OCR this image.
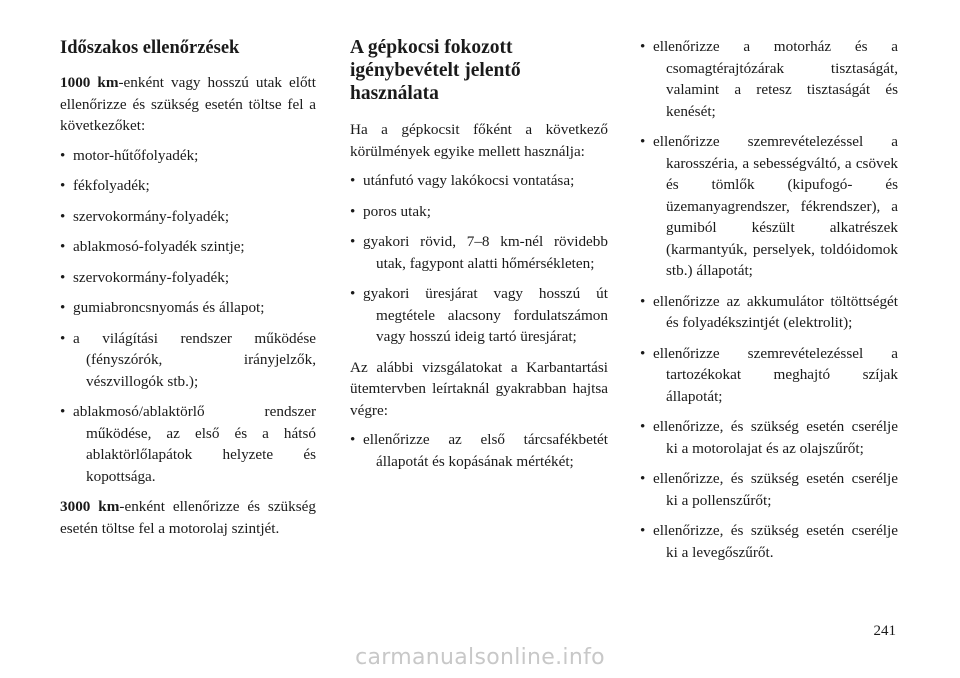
Időszakos ellenőrzések

1000 km-enként vagy hosszú utak előtt ellenőrizze és szükség esetén töltse fel a következőket:

• motor-hűtőfolyadék;
• fékfolyadék;
• szervokormány-folyadék;
• ablakmosó-folyadék szintje;
• szervokormány-folyadék;
• gumiabroncsnyomás és állapot;
• a világítási rendszer működése (fényszórók, irányjelzők, vészvillogók stb.);
• ablakmosó/ablaktörlő rendszer működése, az első és a hátsó ablaktörlőlapátok helyzete és kopottsága.

3000 km-enként ellenőrizze és szükség esetén töltse fel a motorolaj szintjét.

A gépkocsi fokozott igénybevételt jelentő használata

Ha a gépkocsit főként a következő körülmények egyike mellett használja:

• utánfutó vagy lakókocsi vontatása;
• poros utak;
• gyakori rövid, 7–8 km-nél rövidebb utak, fagypont alatti hőmérsékleten;
• gyakori üresjárat vagy hosszú út megtétele alacsony fordulatszámon vagy hosszú ideig tartó üresjárat;

Az alábbi vizsgálatokat a Karbantartási ütemtervben leírtaknál gyakrabban hajtsa végre:

• ellenőrizze az első tárcsafékbetét állapotát és kopásának mértékét;
• ellenőrizze a motorház és a csomagtérajtózárak tisztaságát, valamint a retesz tisztaságát és kenését;
• ellenőrizze szemrevételezéssel a karosszéria, a sebességváltó, a csövek és tömlők (kipufogó- és üzemanyagrendszer, fékrendszer), a gumiból készült alkatrészek (karmantyúk, perselyek, toldóidomok stb.) állapotát;
• ellenőrizze az akkumulátor töltöttségét és folyadékszintjét (elektrolit);
• ellenőrizze szemrevételezéssel a tartozékokat meghajtó szíjak állapotát;
• ellenőrizze, és szükség esetén cserélje ki a motorolajat és az olajszűrőt;
• ellenőrizze, és szükség esetén cserélje ki a pollenszűrőt;
• ellenőrizze, és szükség esetén cserélje ki a levegőszűrőt.
241
carmanualsonline.info
